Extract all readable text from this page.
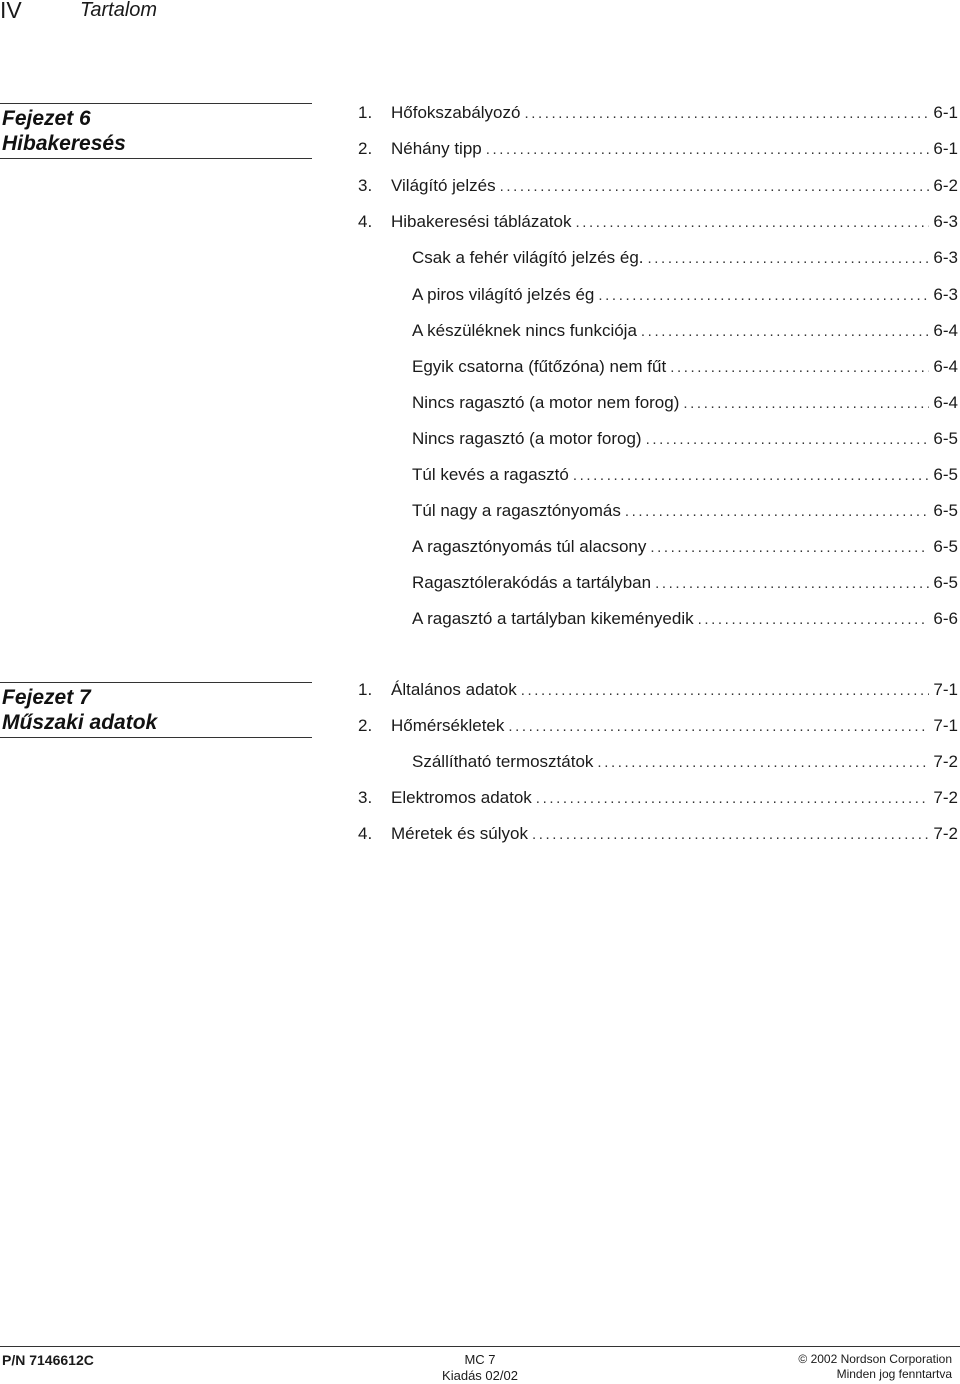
IV	Tartalom
Fejezet 6
Hibakeresés
1.	Hőfokszabályozó .....	6-1
2.	Néhány tipp .....	6-1
3.	Világító jelzés .....	6-2
4.	Hibakeresési táblázatok .....	6-3
Csak a fehér világító jelzés ég. .....	6-3
A piros világító jelzés ég .....	6-3
A készüléknek nincs funkciója .....	6-4
Egyik csatorna (fűtőzóna) nem fűt .....	6-4
Nincs ragasztó (a motor nem forog) .....	6-4
Nincs ragasztó (a motor forog) .....	6-5
Túl kevés a ragasztó .....	6-5
Túl nagy a ragasztónyomás .....	6-5
A ragasztónyomás túl alacsony .....	6-5
Ragasztólerakódás a tartályban .....	6-5
A ragasztó a tartályban kikeményedik .....	6-6
Fejezet 7
Műszaki adatok
1.	Általános adatok .....	7-1
2.	Hőmérsékletek .....	7-1
Szállítható termosztátok .....	7-2
3.	Elektromos adatok .....	7-2
4.	Méretek és súlyok .....	7-2
P/N 7146612C	MC 7
Kiadás 02/02
© 2002 Nordson Corporation
Minden jog fenntartva
